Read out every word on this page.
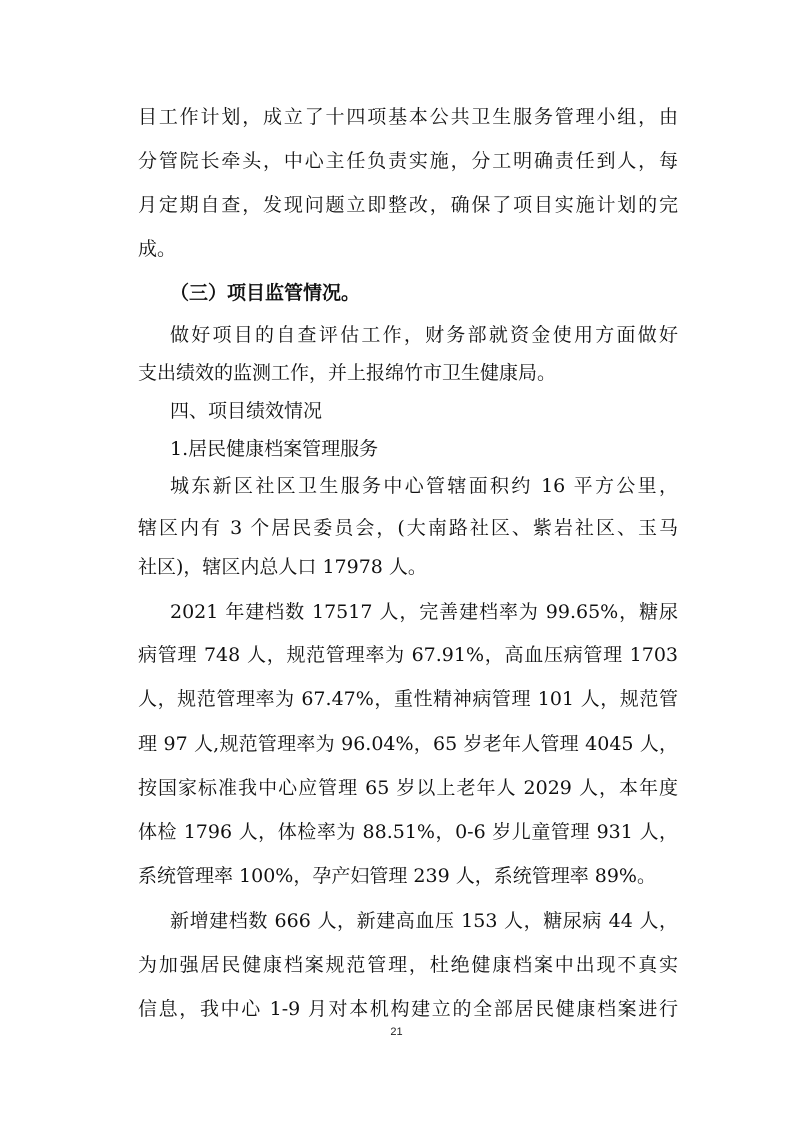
目工作计划，成立了十四项基本公共卫生服务管理小组，由
分管院长牵头，中心主任负责实施，分工明确责任到人，每
月定期自查，发现问题立即整改，确保了项目实施计划的完
成。
（三）项目监管情况。
做好项目的自查评估工作，财务部就资金使用方面做好
支出绩效的监测工作，并上报绵竹市卫生健康局。
四、项目绩效情况
1.居民健康档案管理服务
城东新区社区卫生服务中心管辖面积约 16 平方公里，
辖区内有 3 个居民委员会，(大南路社区、紫岩社区、玉马
社区)，辖区内总人口 17978 人。
2021 年建档数 17517 人，完善建档率为 99.65%，糖尿
病管理 748 人，规范管理率为 67.91%，高血压病管理 1703
人，规范管理率为 67.47%，重性精神病管理 101 人，规范管
理 97 人,规范管理率为 96.04%，65 岁老年人管理 4045 人，
按国家标准我中心应管理 65 岁以上老年人 2029 人，本年度
体检 1796 人，体检率为 88.51%，0-6 岁儿童管理 931 人，
系统管理率 100%，孕产妇管理 239 人，系统管理率 89%。
新增建档数 666 人，新建高血压 153 人，糖尿病 44 人，
为加强居民健康档案规范管理，杜绝健康档案中出现不真实
信息，我中心 1-9 月对本机构建立的全部居民健康档案进行
21
